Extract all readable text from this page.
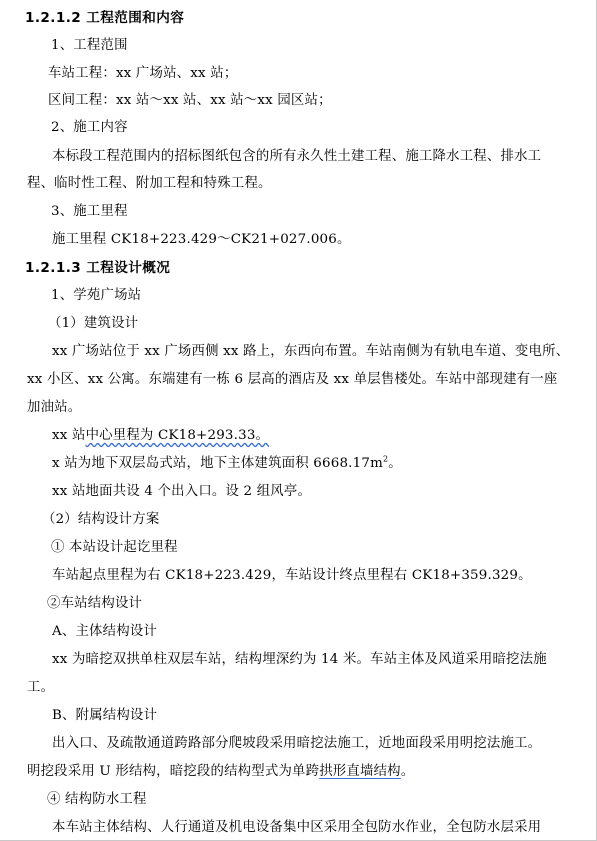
1.2.1.2 工程范围和内容
1、工程范围
车站工程：xx 广场站、xx 站；
区间工程：xx 站～xx 站、xx 站～xx 园区站；
2、施工内容
本标段工程范围内的招标图纸包含的所有永久性土建工程、施工降水工程、排水工
程、临时性工程、附加工程和特殊工程。
3、施工里程
施工里程 CK18+223.429～CK21+027.006。
1.2.1.3 工程设计概况
1、学苑广场站
（1）建筑设计
xx 广场站位于 xx 广场西侧 xx 路上，东西向布置。车站南侧为有轨电车道、变电所、
xx 小区、xx 公寓。东端建有一栋 6 层高的酒店及 xx 单层售楼处。车站中部现建有一座
加油站。
xx 站中心里程为 CK18+293.33。
x 站为地下双层岛式站，地下主体建筑面积 $6668.17m^2$。
xx 站地面共设 4 个出入口。设 2 组风亭。
（2）结构设计方案
① 本站设计起讫里程
车站起点里程为右 CK18+223.429，车站设计终点里程右 CK18+359.329。
②车站结构设计
A、主体结构设计
xx 为暗挖双拱单柱双层车站，结构埋深约为 14 米。车站主体及风道采用暗挖法施
工。
B、附属结构设计
出入口、及疏散通道跨路部分爬坡段采用暗挖法施工，近地面段采用明挖法施工。
明挖段采用 U 形结构，暗挖段的结构型式为单跨拱形直墙结构。
④ 结构防水工程
本车站主体结构、人行通道及机电设备集中区采用全包防水作业，全包防水层采用
